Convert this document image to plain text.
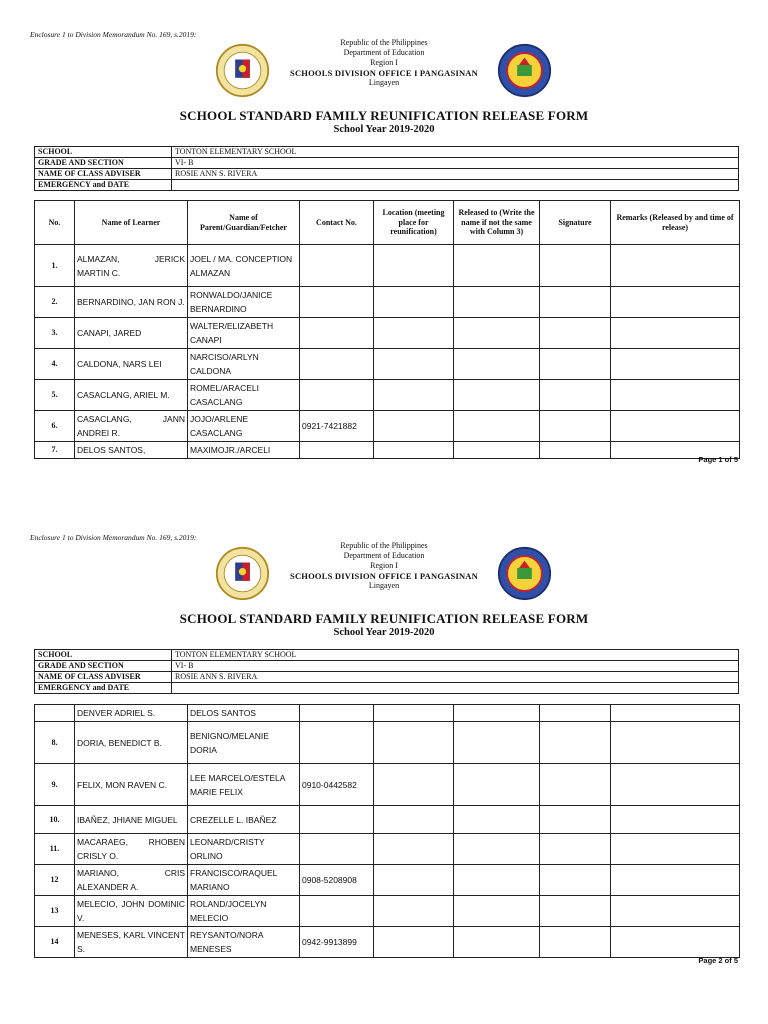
Enclosure 1 to Division Memorandum No. 169, s.2019:
Republic of the Philippines
Department of Education
Region I
SCHOOLS DIVISION OFFICE I PANGASINAN
Lingayen
SCHOOL STANDARD FAMILY REUNIFICATION RELEASE FORM
School Year 2019-2020
SCHOOL	TONTON ELEMENTARY SCHOOL
GRADE AND SECTION	VI- B
NAME OF CLASS ADVISER	ROSIE ANN S. RIVERA
EMERGENCY and DATE	
No.	Name of Learner	Name of Parent/Guardian/Fetcher	Contact No.	Location (meeting place for reunification)	Released to (Write the name if not the same with Column 3)	Signature	Remarks (Released by and time of release)
1.	ALMAZAN, JERICK MARTIN C.	JOEL / MA. CONCEPTION ALMAZAN					
2.	BERNARDINO, JAN RON J.	RONWALDO/JANICE BERNARDINO					
3.	CANAPI, JARED	WALTER/ELIZABETH CANAPI					
4.	CALDONA, NARS LEI	NARCISO/ARLYN CALDONA					
5.	CASACLANG, ARIEL M.	ROMEL/ARACELI CASACLANG					
6.	CASACLANG, JANN ANDREI R.	JOJO/ARLENE CASACLANG	0921-7421882				
7.	DELOS SANTOS,	MAXIMOJR./ARCELI					
Page 1 of 5
Enclosure 1 to Division Memorandum No. 169, s.2019:
Republic of the Philippines
Department of Education
Region I
SCHOOLS DIVISION OFFICE I PANGASINAN
Lingayen
SCHOOL STANDARD FAMILY REUNIFICATION RELEASE FORM
School Year 2019-2020
SCHOOL	TONTON ELEMENTARY SCHOOL
GRADE AND SECTION	VI- B
NAME OF CLASS ADVISER	ROSIE ANN S. RIVERA
EMERGENCY and DATE	
	DENVER ADRIEL S.	DELOS SANTOS					
8.	DORIA, BENEDICT B.	BENIGNO/MELANIE DORIA					
9.	FELIX, MON RAVEN C.	LEE MARCELO/ESTELA MARIE FELIX	0910-0442582				
10.	IBAÑEZ, JHIANE MIGUEL	CREZELLE L. IBAÑEZ					
11.	MACARAEG, RHOBEN CRISLY O.	LEONARD/CRISTY ORLINO					
12	MARIANO, CRIS ALEXANDER A.	FRANCISCO/RAQUEL MARIANO	0908-5208908				
13	MELECIO, JOHN DOMINIC V.	ROLAND/JOCELYN MELECIO					
14	MENESES, KARL VINCENT S.	REYSANTO/NORA MENESES	0942-9913899				
Page 2 of 5
